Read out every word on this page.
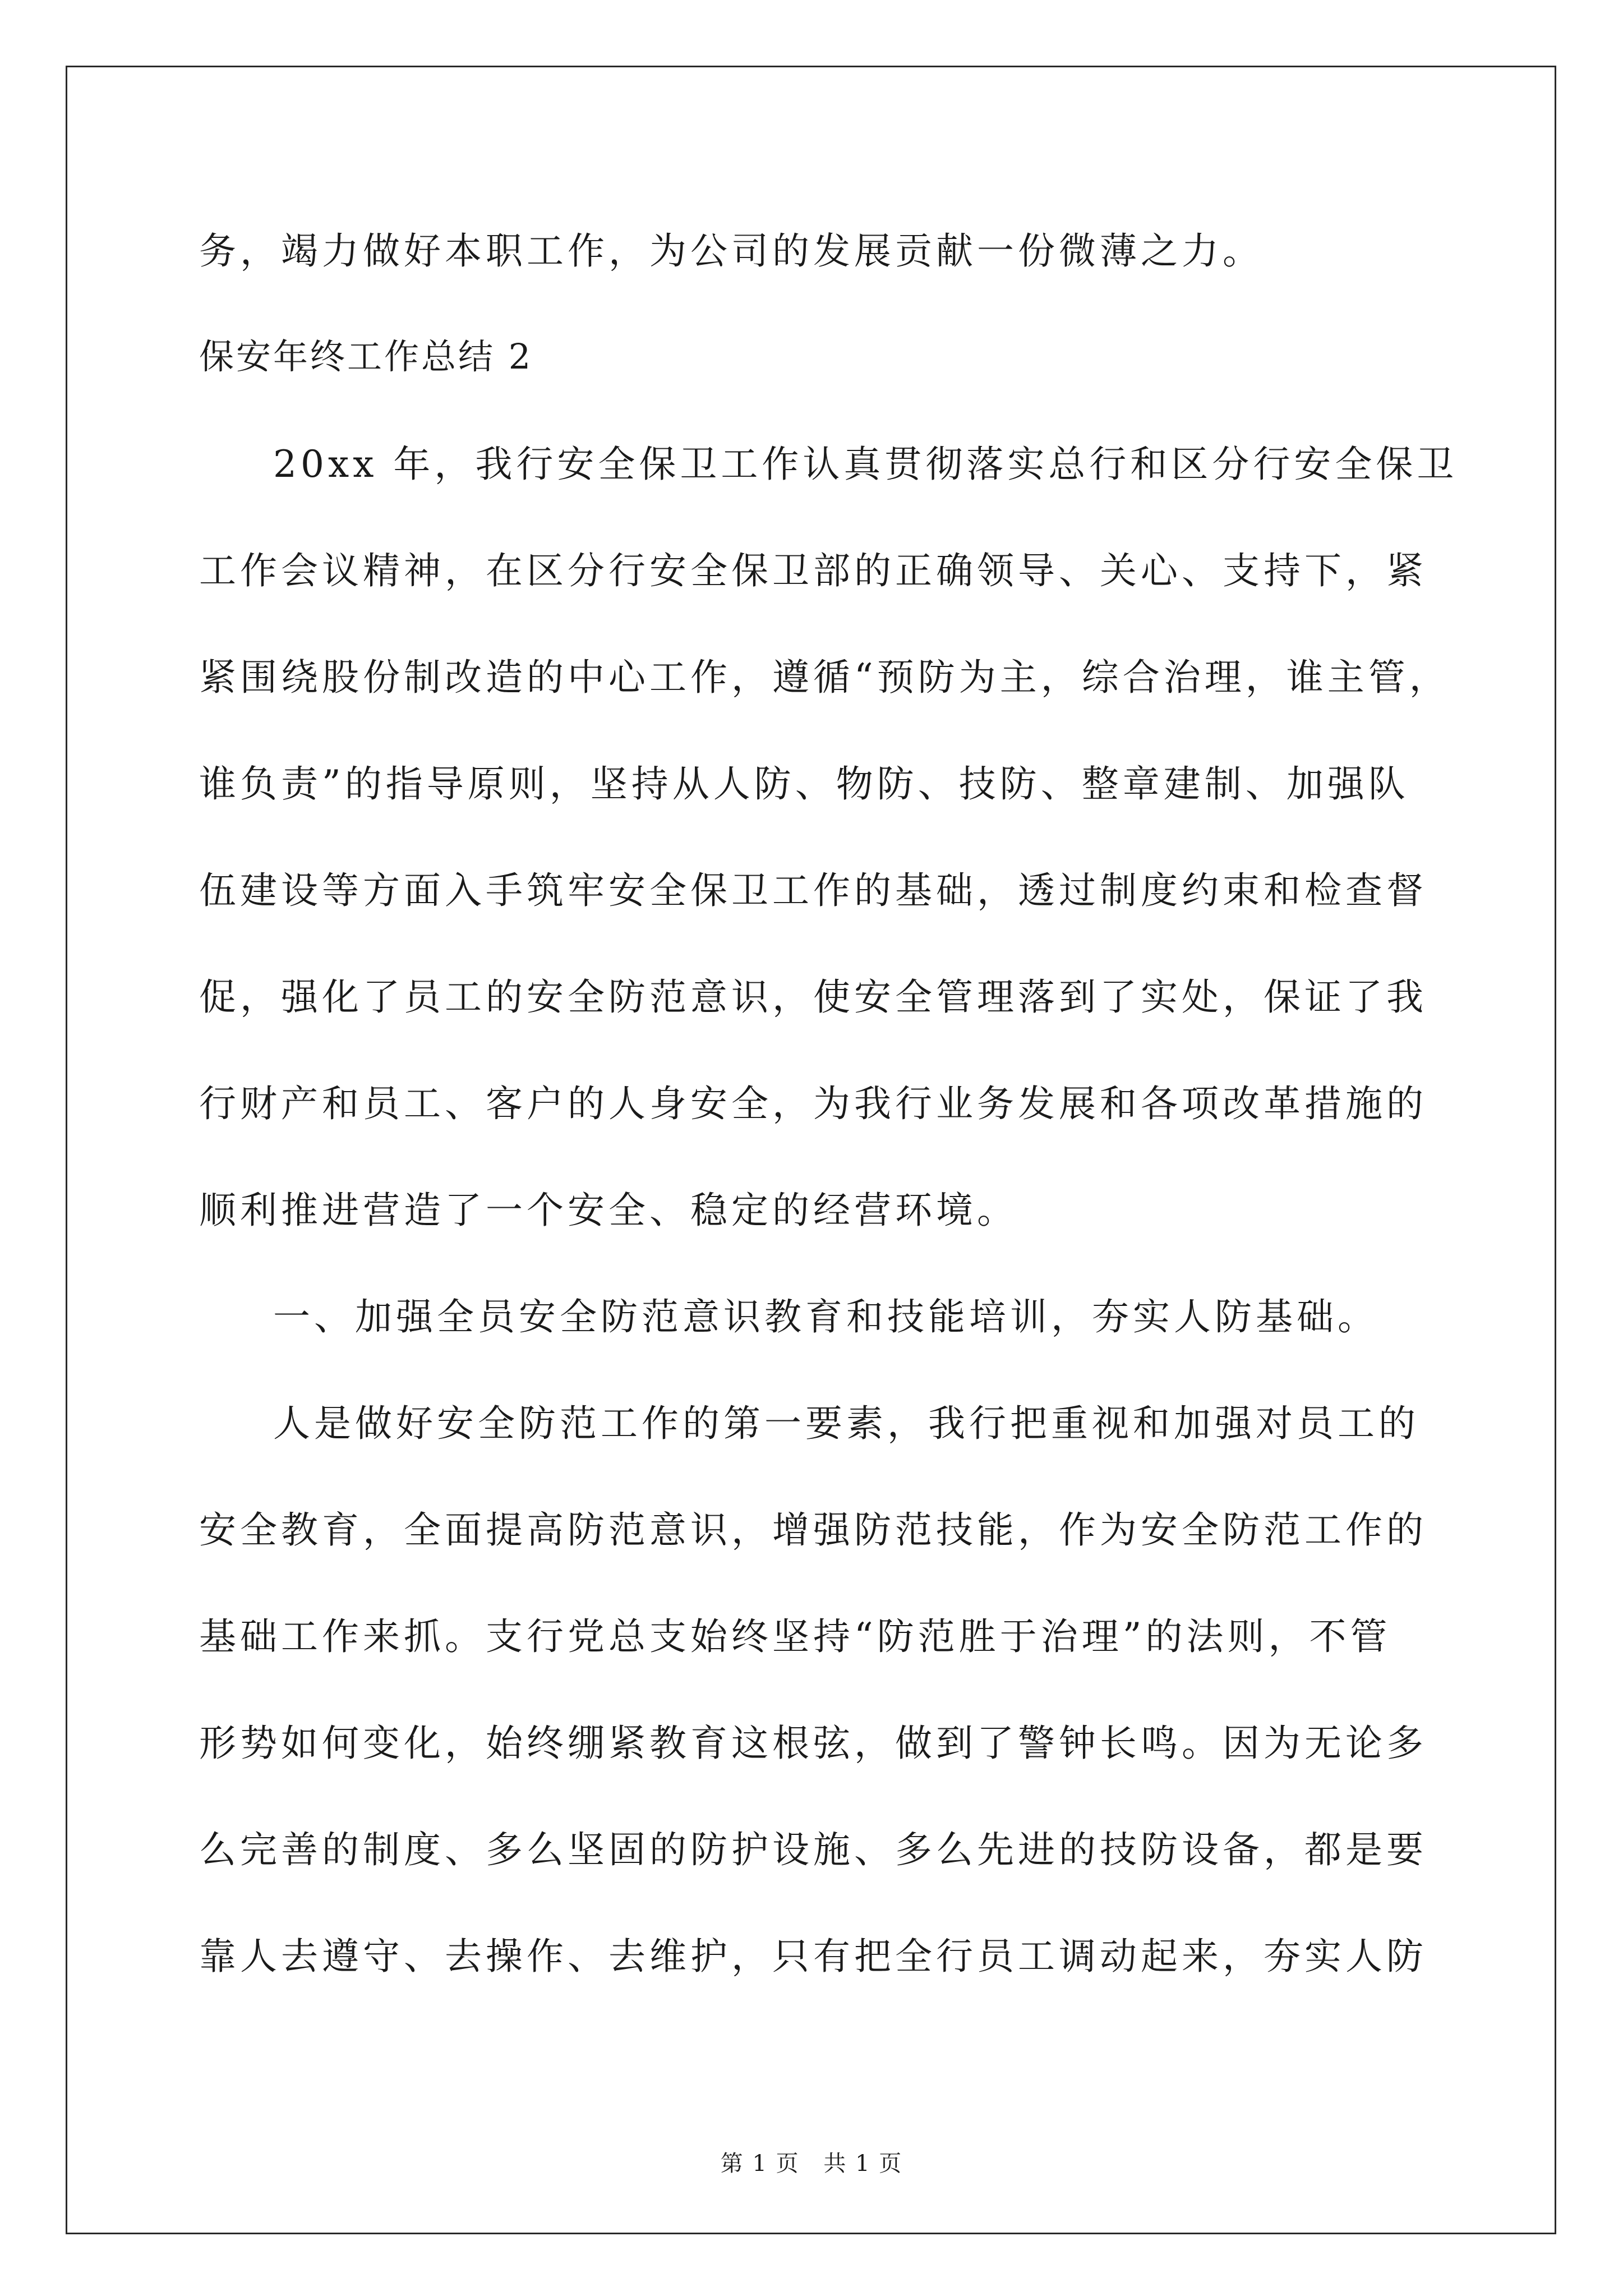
务，竭力做好本职工作，为公司的发展贡献一份微薄之力。
保安年终工作总结 2
20xx 年，我行安全保卫工作认真贯彻落实总行和区分行安全保卫
工作会议精神，在区分行安全保卫部的正确领导、关心、支持下，紧
紧围绕股份制改造的中心工作，遵循“预防为主，综合治理，谁主管，
谁负责”的指导原则，坚持从人防、物防、技防、整章建制、加强队
伍建设等方面入手筑牢安全保卫工作的基础，透过制度约束和检查督
促，强化了员工的安全防范意识，使安全管理落到了实处，保证了我
行财产和员工、客户的人身安全，为我行业务发展和各项改革措施的
顺利推进营造了一个安全、稳定的经营环境。
一、加强全员安全防范意识教育和技能培训，夯实人防基础。
人是做好安全防范工作的第一要素，我行把重视和加强对员工的
安全教育，全面提高防范意识，增强防范技能，作为安全防范工作的
基础工作来抓。支行党总支始终坚持“防范胜于治理”的法则，不管
形势如何变化，始终绷紧教育这根弦，做到了警钟长鸣。因为无论多
么完善的制度、多么坚固的防护设施、多么先进的技防设备，都是要
靠人去遵守、去操作、去维护，只有把全行员工调动起来，夯实人防
第 1 页 共 1 页
